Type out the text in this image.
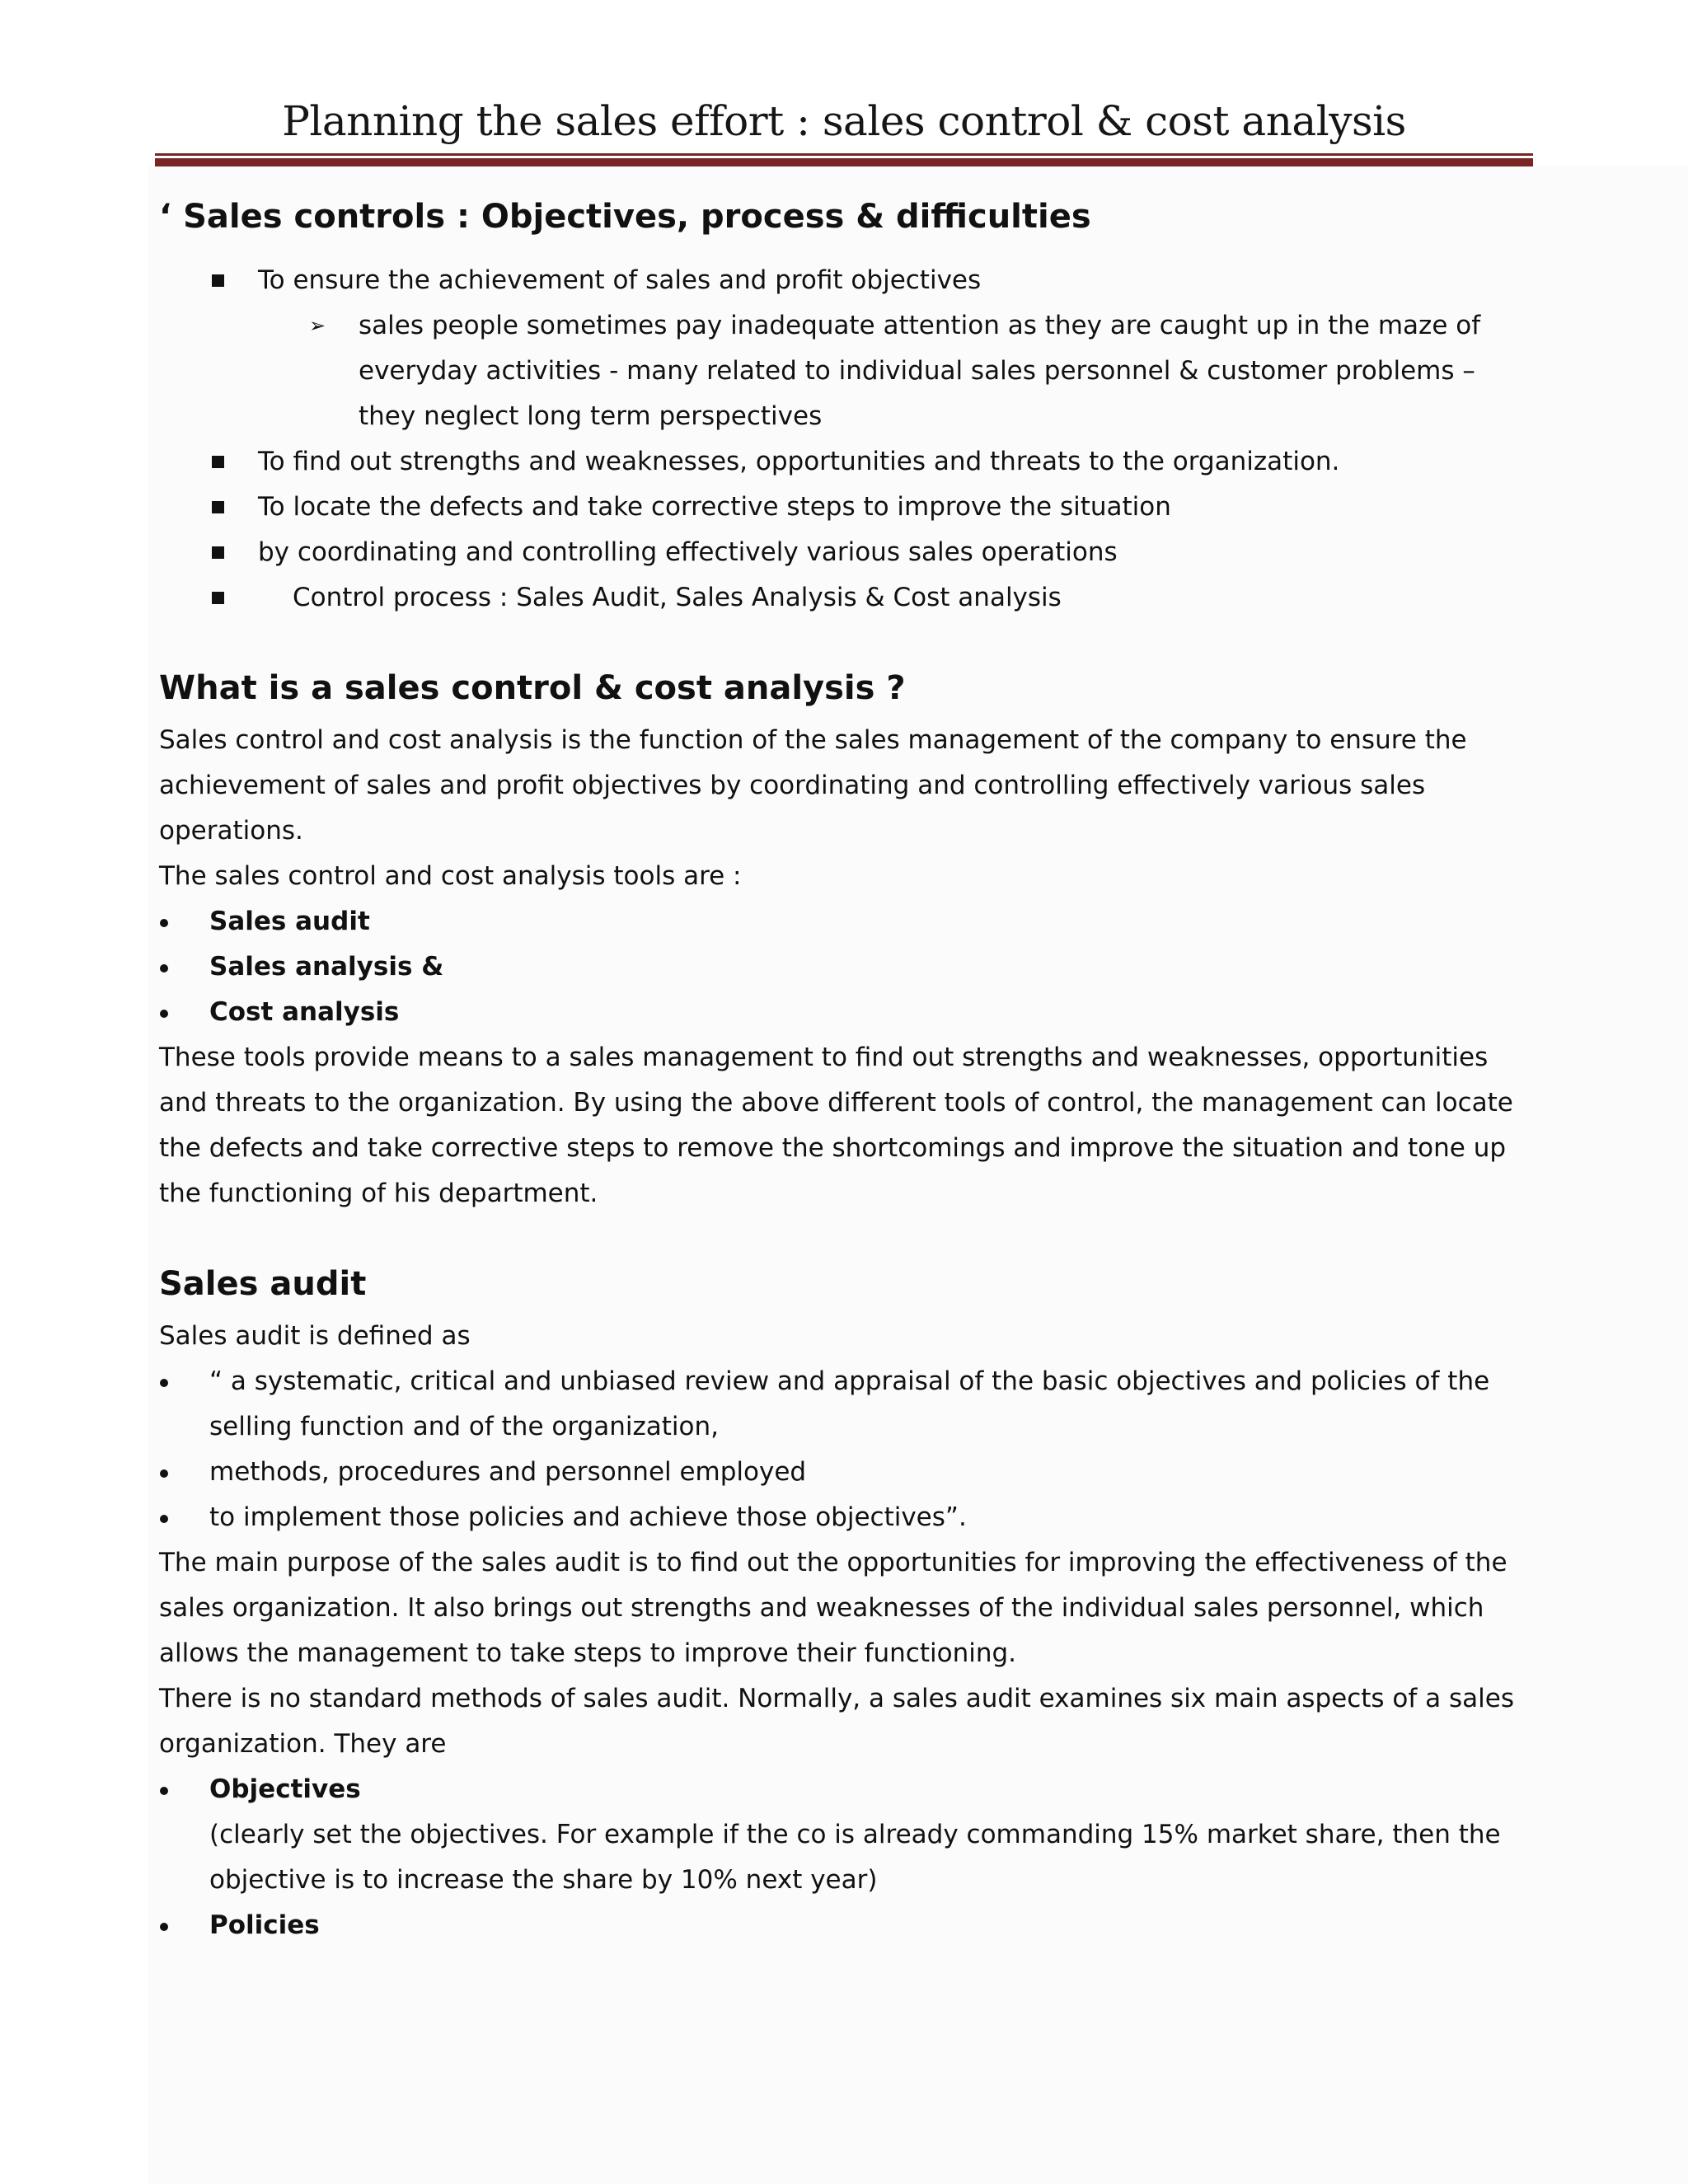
Planning the sales effort : sales control & cost analysis
‘ Sales controls : Objectives, process & difficulties
To ensure the achievement of sales and profit objectives
➢ sales people sometimes pay inadequate attention as they are caught up in the maze of everyday activities - many related to individual sales personnel & customer problems – they neglect long term perspectives
To find out strengths and weaknesses, opportunities and threats to the organization.
To locate the defects and take corrective steps to improve the situation
by coordinating and controlling effectively various sales operations
Control process : Sales Audit, Sales Analysis & Cost analysis
What is a sales control & cost analysis ?

Sales control and cost analysis is the function of the sales management of the company to ensure the achievement of sales and profit objectives by coordinating and controlling effectively various sales operations.

The sales control and cost analysis tools are :

Sales audit
Sales analysis &
Cost analysis

These tools provide means to a sales management to find out strengths and weaknesses, opportunities and threats to the organization. By using the above different tools of control, the management can locate the defects and take corrective steps to remove the shortcomings and improve the situation and tone up the functioning of his department.

Sales audit

Sales audit is defined as

“ a systematic, critical and unbiased review and appraisal of the basic objectives and policies of the selling function and of the organization,
methods, procedures and personnel employed
to implement those policies and achieve those objectives”.

The main purpose of the sales audit is to find out the opportunities for improving the effectiveness of the sales organization. It also brings out strengths and weaknesses of the individual sales personnel, which allows the management to take steps to improve their functioning.

There is no standard methods of sales audit. Normally, a sales audit examines six main aspects of a sales organization. They are

Objectives
(clearly set the objectives. For example if the co is already commanding 15% market share, then the objective is to increase the share by 10% next year)
Policies
